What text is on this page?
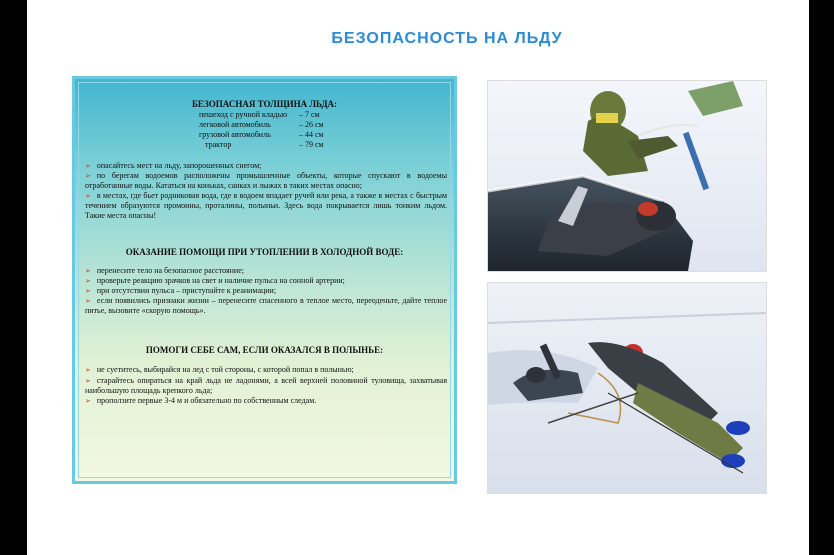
БЕЗОПАСНОСТЬ НА ЛЬДУ
БЕЗОПАСНАЯ ТОЛЩИНА ЛЬДА:
пешеход с ручной кладью – 7 см
легковой автомобиль	– 26 см
грузовой автомобиль	– 44 см
трактор	– 79 см
➢ опасайтесь мест на льду, запорошенных снегом;
➢ по берегам водоемов расположены промышленные объекты, которые спускают в водоемы отработанные воды. Кататься на коньках, санках и лыжах в таких местах опасно;
➢ в местах, где бьет родниковая вода, где в водоем впадает ручей или река, а также в местах с быстрым течением образуются промоины, проталины, полыньи. Здесь вода покрывается лишь тонким льдом. Такие места опасны!
ОКАЗАНИЕ ПОМОЩИ ПРИ УТОПЛЕНИИ В ХОЛОДНОЙ ВОДЕ:
➢ перенесите тело на безопасное расстояние;
➢ проверьте реакцию зрачков на свет и наличие пульса на сонной артерии;
➢ при отсутствии пульса – приступайте к реанимации;
➢ если появились признаки жизни – перенесите спасенного в теплое место, переоденьте, дайте теплое питье, вызовите «скорую помощь».
ПОМОГИ СЕБЕ САМ, ЕСЛИ ОКАЗАЛСЯ В ПОЛЫНЬЕ:
➢ не суетитесь, выбирайся на лед с той стороны, с которой попал в полынью;
➢ старайтесь опираться на край льда не ладонями, а всей верхней половиной туловища, захватывая наибольшую площадь крепкого льда;
➢ проползите первые 3-4 м и обязательно по собственным следам.
